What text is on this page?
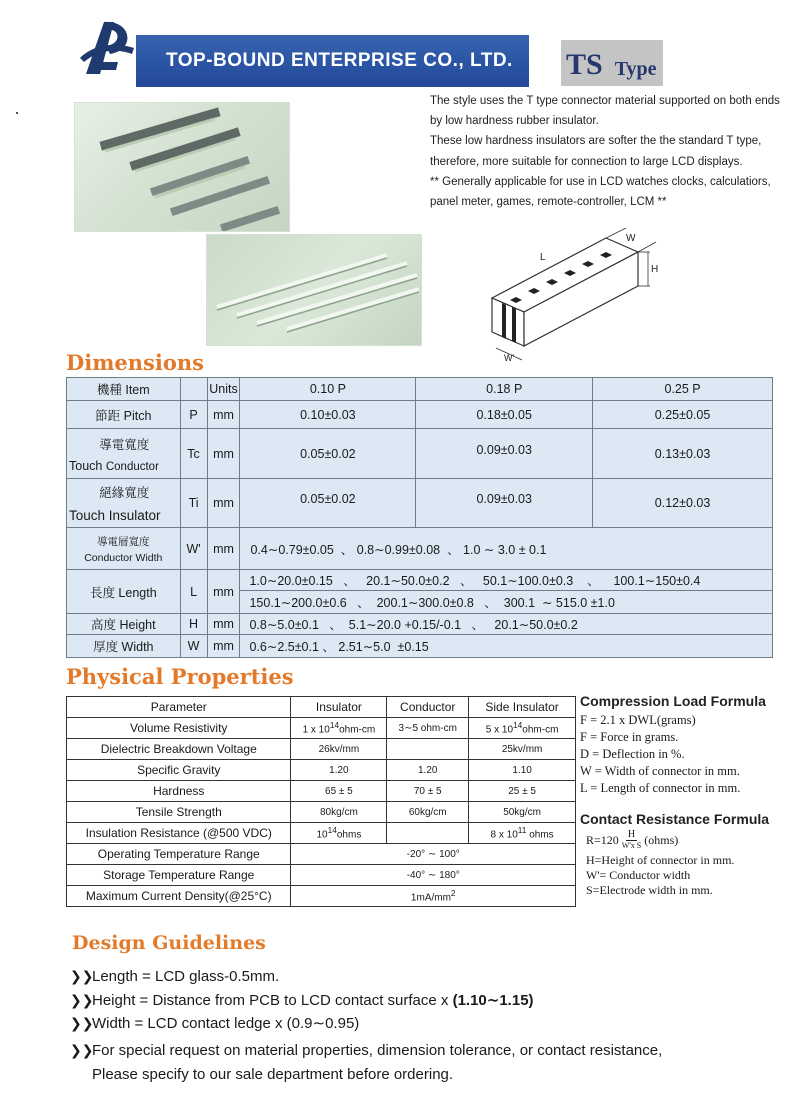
TOP-BOUND ENTERPRISE CO., LTD. TS Type
The style uses the T type connector material supported on both ends by low hardness rubber insulator.
These low hardness insulators are softer the the standard T type, therefore, more suitable for connection to large LCD displays.
** Generally applicable for use in LCD watches clocks, calculatiors, panel meter, games, remote-controller, LCM **
L
W
H
W'
Dimensions
機種 Item		Units	0.10 P	0.18 P	0.25 P
節距 Pitch	P	mm	0.10±0.03	0.18±0.05	0.25±0.05

導電寬度
Touch Conductor	Tc	mm	0.05±0.02	0.09±0.03	0.13±0.03

絕緣寬度
Touch Insulator	Ti	mm	0.05±0.02	0.09±0.03	0.12±0.03

導電層寬度
Conductor Width	W'	mm	0.4∼0.79±0.05  、 0.8∼0.99±0.08  、 1.0 ∼ 3.0 ± 0.1		
長度 Length	L	mm	1.0∼20.0±0.15   、   20.1∼50.0±0.2   、   50.1∼100.0±0.3    、    100.1∼150±0.4		
			150.1∼200.0±0.6   、  200.1∼300.0±0.8   、  300.1  ∼ 515.0 ±1.0		
高度 Height	H	mm	0.8∼5.0±0.1   、  5.1∼20.0 +0.15/-0.1   、   20.1∼50.0±0.2		
厚度 Width	W	mm	0.6∼2.5±0.1 、 2.51∼5.0  ±0.15		
Physical Properties
Parameter	Insulator	Conductor	Side Insulator
Volume Resistivity	1 x $10^{14}ohm-cm$	3∼5 ohm-cm	5 x $10^{14}ohm-cm$
Dielectric Breakdown Voltage	26kv/mm		25kv/mm
Specific Gravity	1.20	1.20	1.10
Hardness	65 ± 5	70 ± 5	25 ± 5
Tensile Strength	80kg/cm	60kg/cm	50kg/cm
Insulation Resistance (@500 VDC)	$10^{14}ohms$		8 x $10^{11}$ ohms
Operating Temperature Range	-20° ∼ 100°		
Storage Temperature Range	-40° ∼ 180°		
Maximum Current Density(@25°C)	$1mA/mm^2$
Compression Load Formula
F = 2.1 x DWL(grams)
F = Force in grams.
D = Deflection in %.
W = Width of connector in mm.
L = Length of connector in mm.
Contact Resistance Formula
R=120 H
W'x S (ohms)
H=Height of connector in mm.
W'= Conductor width
S=Electrode width in mm.
Design Guidelines
❯❯
Length = LCD glass-0.5mm.
❯❯
Height = Distance from PCB to LCD contact surface x (1.10∼1.15)
❯❯
Width = LCD contact ledge x (0.9∼0.95)
❯❯
For special request on material properties, dimension tolerance, or contact resistance,
Please specify to our sale department before ordering.
